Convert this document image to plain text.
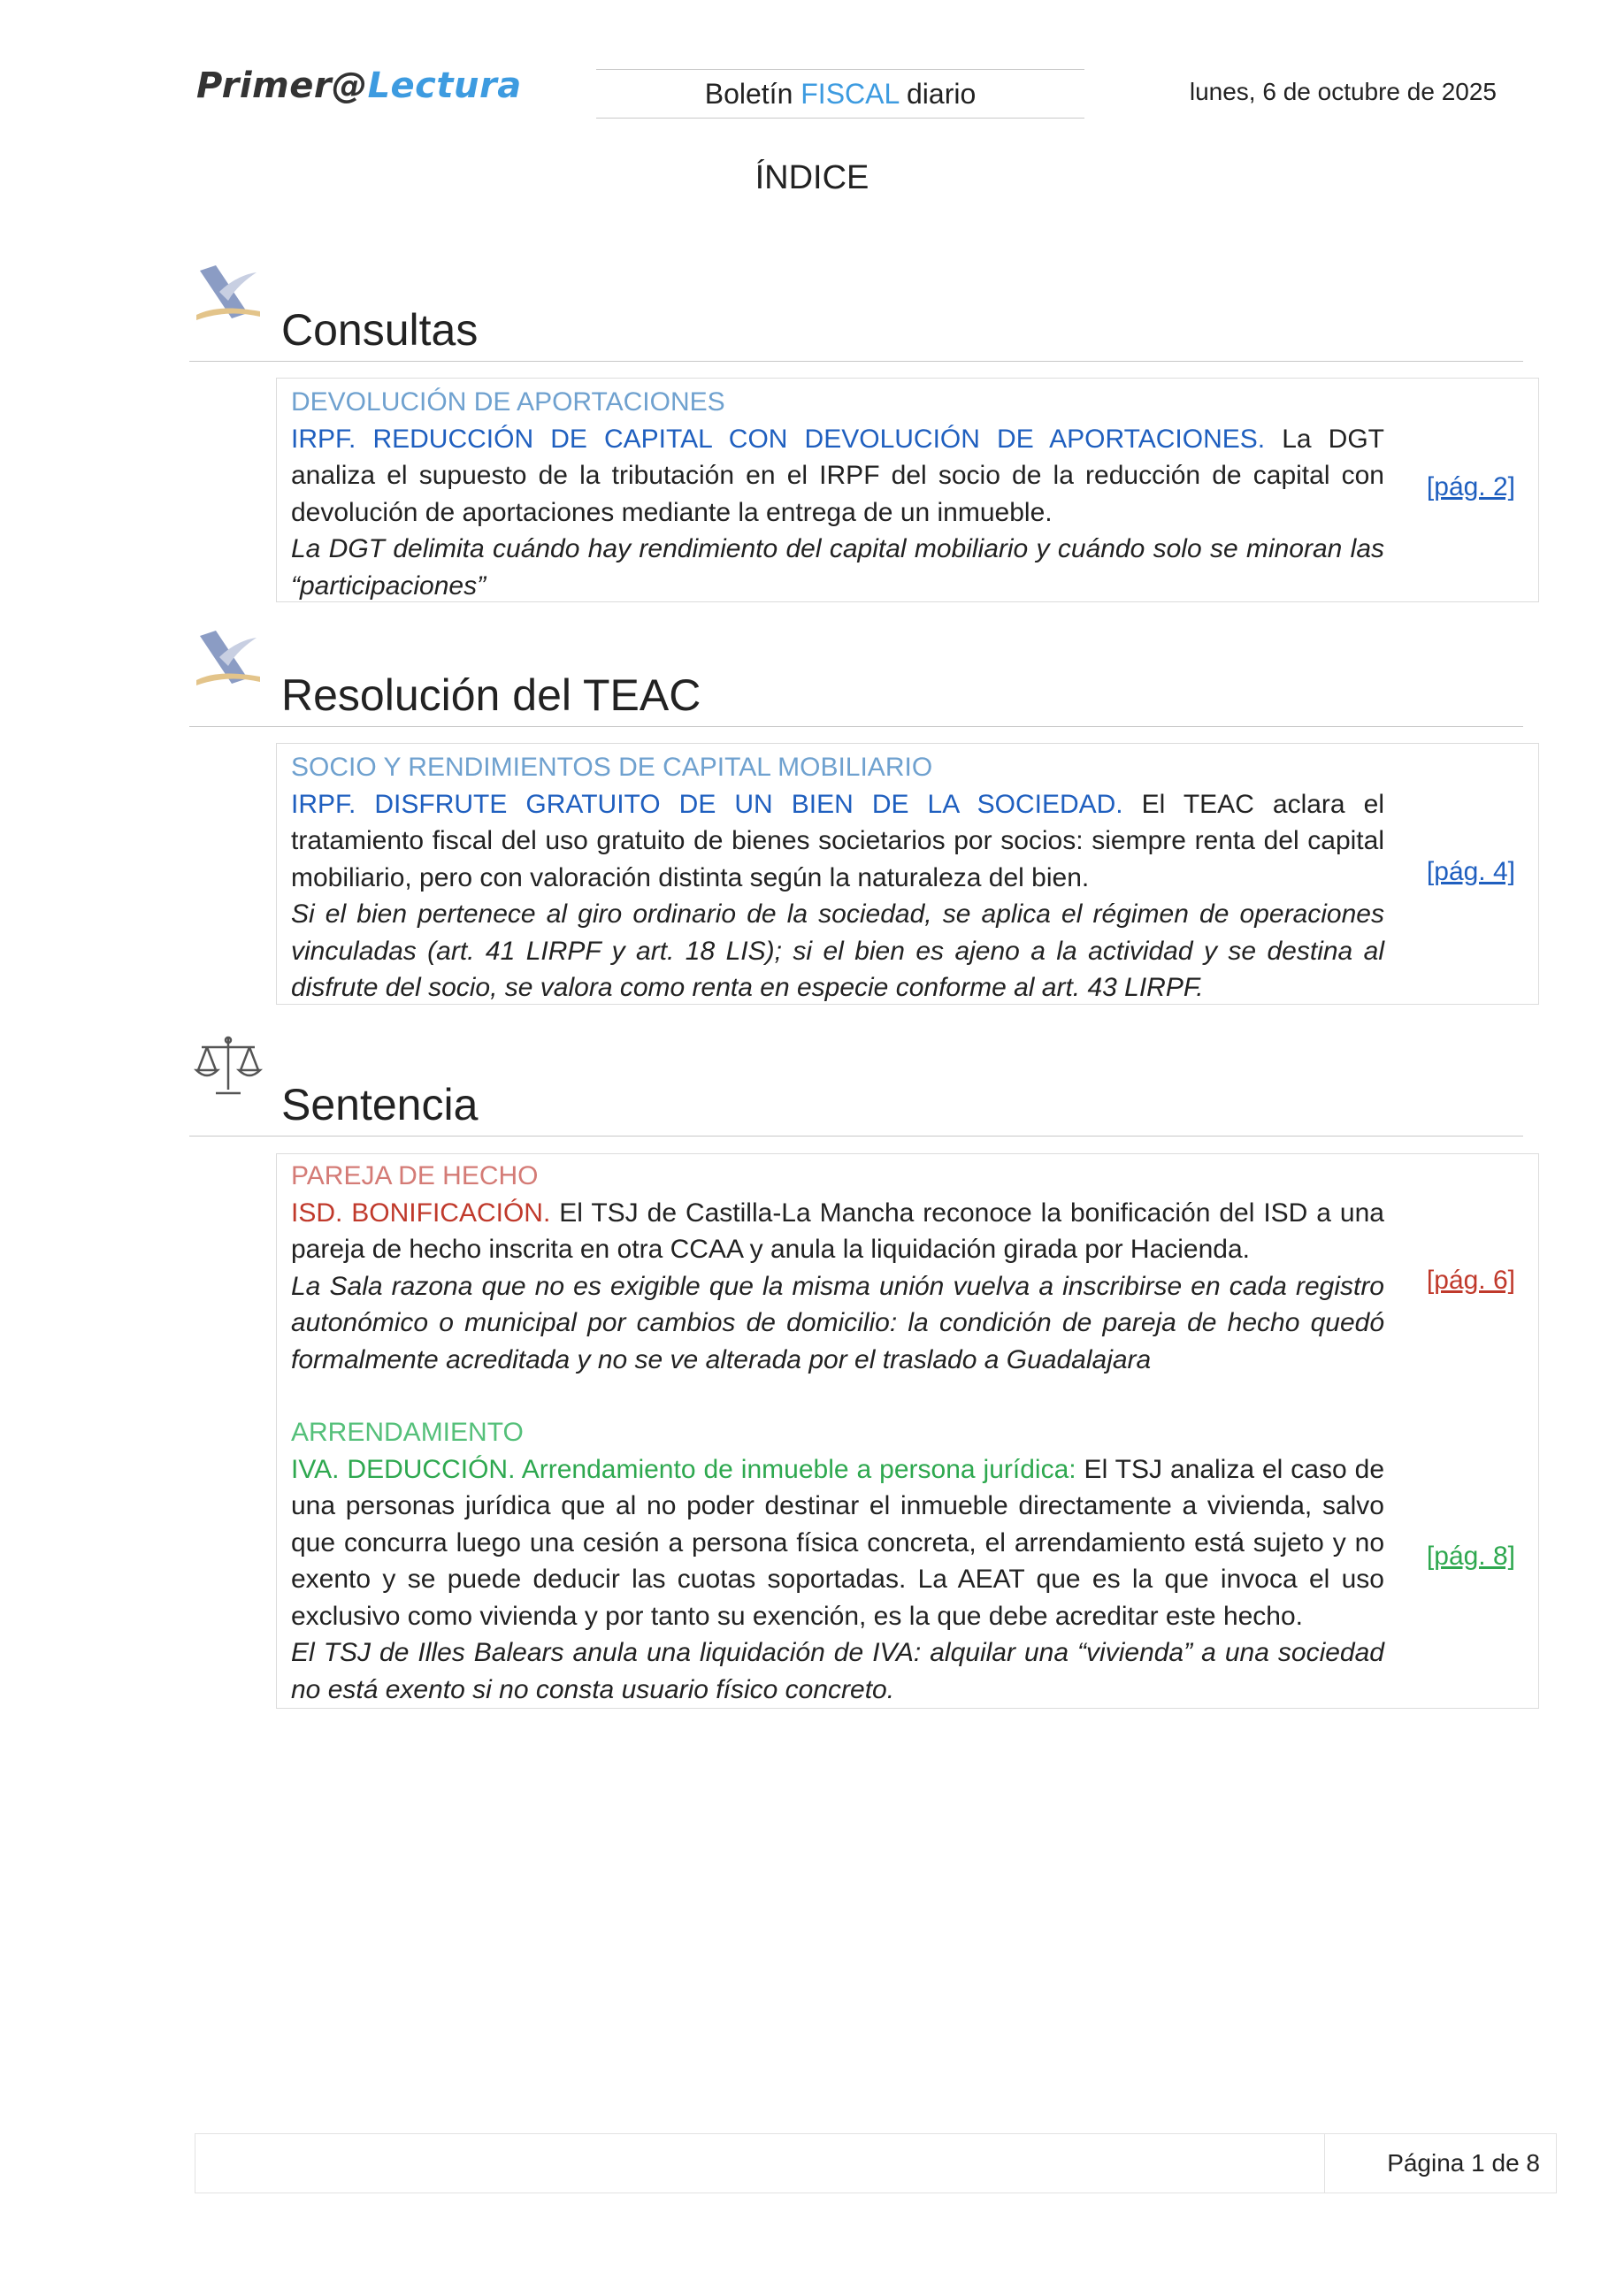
Primer@Lectura	Boletín FISCAL diario	lunes, 6 de octubre de 2025
ÍNDICE
Consultas
DEVOLUCIÓN DE APORTACIONES
IRPF. REDUCCIÓN DE CAPITAL CON DEVOLUCIÓN DE APORTACIONES. La DGT analiza el supuesto de la tributación en el IRPF del socio de la reducción de capital con devolución de aportaciones mediante la entrega de un inmueble.
La DGT delimita cuándo hay rendimiento del capital mobiliario y cuándo solo se minoran las “participaciones”
[pág. 2]
Resolución del TEAC
SOCIO Y RENDIMIENTOS DE CAPITAL MOBILIARIO
IRPF. DISFRUTE GRATUITO DE UN BIEN DE LA SOCIEDAD. El TEAC aclara el tratamiento fiscal del uso gratuito de bienes societarios por socios: siempre renta del capital mobiliario, pero con valoración distinta según la naturaleza del bien.
Si el bien pertenece al giro ordinario de la sociedad, se aplica el régimen de operaciones vinculadas (art. 41 LIRPF y art. 18 LIS); si el bien es ajeno a la actividad y se destina al disfrute del socio, se valora como renta en especie conforme al art. 43 LIRPF.
[pág. 4]
Sentencia
PAREJA DE HECHO
ISD. BONIFICACIÓN. El TSJ de Castilla-La Mancha reconoce la bonificación del ISD a una pareja de hecho inscrita en otra CCAA y anula la liquidación girada por Hacienda.
La Sala razona que no es exigible que la misma unión vuelva a inscribirse en cada registro autonómico o municipal por cambios de domicilio: la condición de pareja de hecho quedó formalmente acreditada y no se ve alterada por el traslado a Guadalajara
[pág. 6]
ARRENDAMIENTO
IVA. DEDUCCIÓN. Arrendamiento de inmueble a persona jurídica: El TSJ analiza el caso de una personas jurídica que al no poder destinar el inmueble directamente a vivienda, salvo que concurra luego una cesión a persona física concreta, el arrendamiento está sujeto y no exento y se puede deducir las cuotas soportadas. La AEAT que es la que invoca el uso exclusivo como vivienda y por tanto su exención, es la que debe acreditar este hecho.
El TSJ de Illes Balears anula una liquidación de IVA: alquilar una “vivienda” a una sociedad no está exento si no consta usuario físico concreto.
[pág. 8]
Página 1 de 8
